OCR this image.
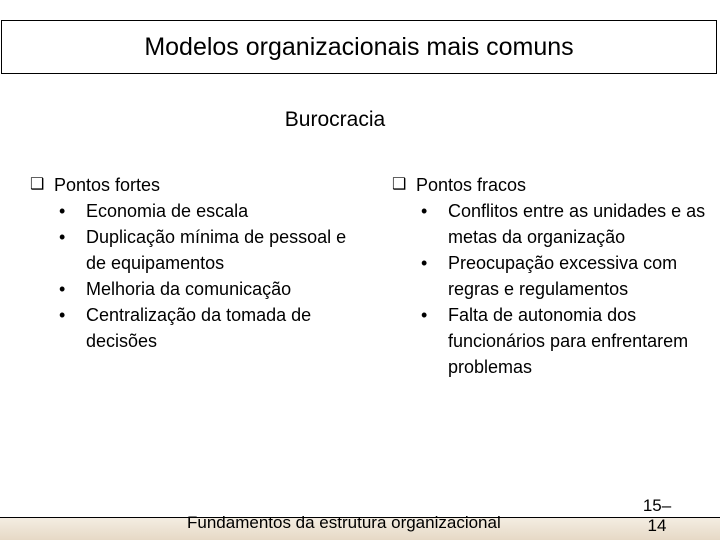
Modelos organizacionais mais comuns
Burocracia
❑ Pontos fortes
• Economia de escala
• Duplicação mínima de pessoal e de equipamentos
• Melhoria da comunicação
• Centralização da tomada de decisões
❑ Pontos fracos
• Conflitos entre as unidades e as metas da organização
• Preocupação excessiva com regras e regulamentos
• Falta de autonomia dos funcionários para enfrentarem problemas
Fundamentos da estrutura organizacional
15–
14
